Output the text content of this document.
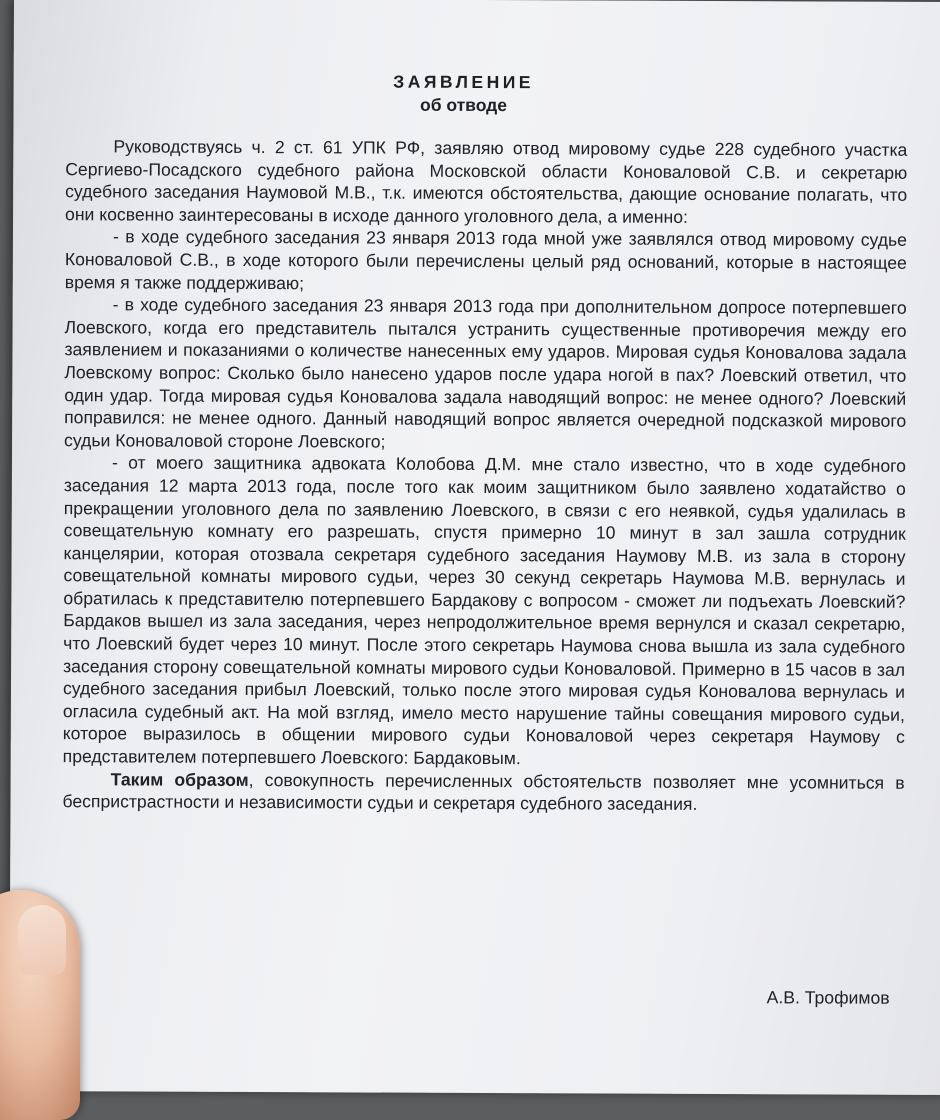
ЗАЯВЛЕНИЕ
об отводе

Руководствуясь ч. 2 ст. 61 УПК РФ, заявляю отвод мировому судье 228 судебного участка Сергиево-Посадского судебного района Московской области Коноваловой С.В. и секретарю судебного заседания Наумовой М.В., т.к. имеются обстоятельства, дающие основание полагать, что они косвенно заинтересованы в исходе данного уголовного дела, а именно:

- в ходе судебного заседания 23 января 2013 года мной уже заявлялся отвод мировому судье Коноваловой С.В., в ходе которого были перечислены целый ряд оснований, которые в настоящее время я также поддерживаю;

- в ходе судебного заседания 23 января 2013 года при дополнительном допросе потерпевшего Лоевского, когда его представитель пытался устранить существенные противоречия между его заявлением и показаниями о количестве нанесенных ему ударов. Мировая судья Коновалова задала Лоевскому вопрос: Сколько было нанесено ударов после удара ногой в пах? Лоевский ответил, что один удар. Тогда мировая судья Коновалова задала наводящий вопрос: не менее одного? Лоевский поправился: не менее одного. Данный наводящий вопрос является очередной подсказкой мирового судьи Коноваловой стороне Лоевского;

- от моего защитника адвоката Колобова Д.М. мне стало известно, что в ходе судебного заседания 12 марта 2013 года, после того как моим защитником было заявлено ходатайство о прекращении уголовного дела по заявлению Лоевского, в связи с его неявкой, судья удалилась в совещательную комнату его разрешать, спустя примерно 10 минут в зал зашла сотрудник канцелярии, которая отозвала секретаря судебного заседания Наумову М.В. из зала в сторону совещательной комнаты мирового судьи, через 30 секунд секретарь Наумова М.В. вернулась и обратилась к представителю потерпевшего Бардакову с вопросом - сможет ли подъехать Лоевский? Бардаков вышел из зала заседания, через непродолжительное время вернулся и сказал секретарю, что Лоевский будет через 10 минут. После этого секретарь Наумова снова вышла из зала судебного заседания сторону совещательной комнаты мирового судьи Коноваловой. Примерно в 15 часов в зал судебного заседания прибыл Лоевский, только после этого мировая судья Коновалова вернулась и огласила судебный акт. На мой взгляд, имело место нарушение тайны совещания мирового судьи, которое выразилось в общении мирового судьи Коноваловой через секретаря Наумову с представителем потерпевшего Лоевского: Бардаковым.

Таким образом, совокупность перечисленных обстоятельств позволяет мне усомниться в беспристрастности и независимости судьи и секретаря судебного заседания.

А.В. Трофимов
